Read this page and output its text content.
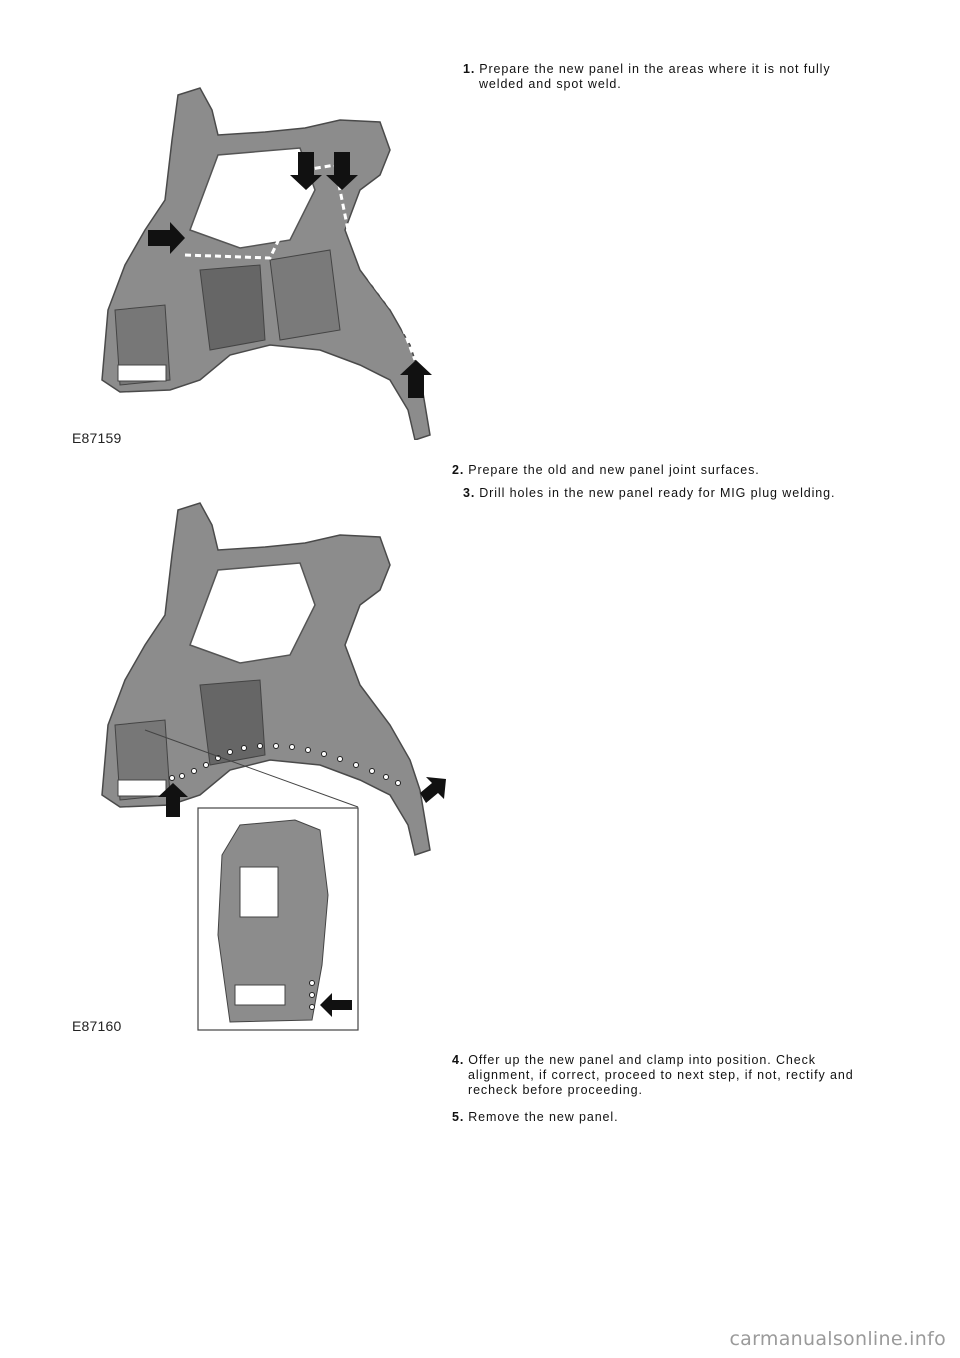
1. Prepare the new panel in the areas where it is not fully
welded and spot weld.
E87159
2. Prepare the old and new panel joint surfaces.
3. Drill holes in the new panel ready for MIG plug welding.
E87160
4. Offer up the new panel and clamp into position. Check
alignment, if correct, proceed to next step, if not, rectify and
recheck before proceeding.
5. Remove the new panel.
carmanualsonline.info
